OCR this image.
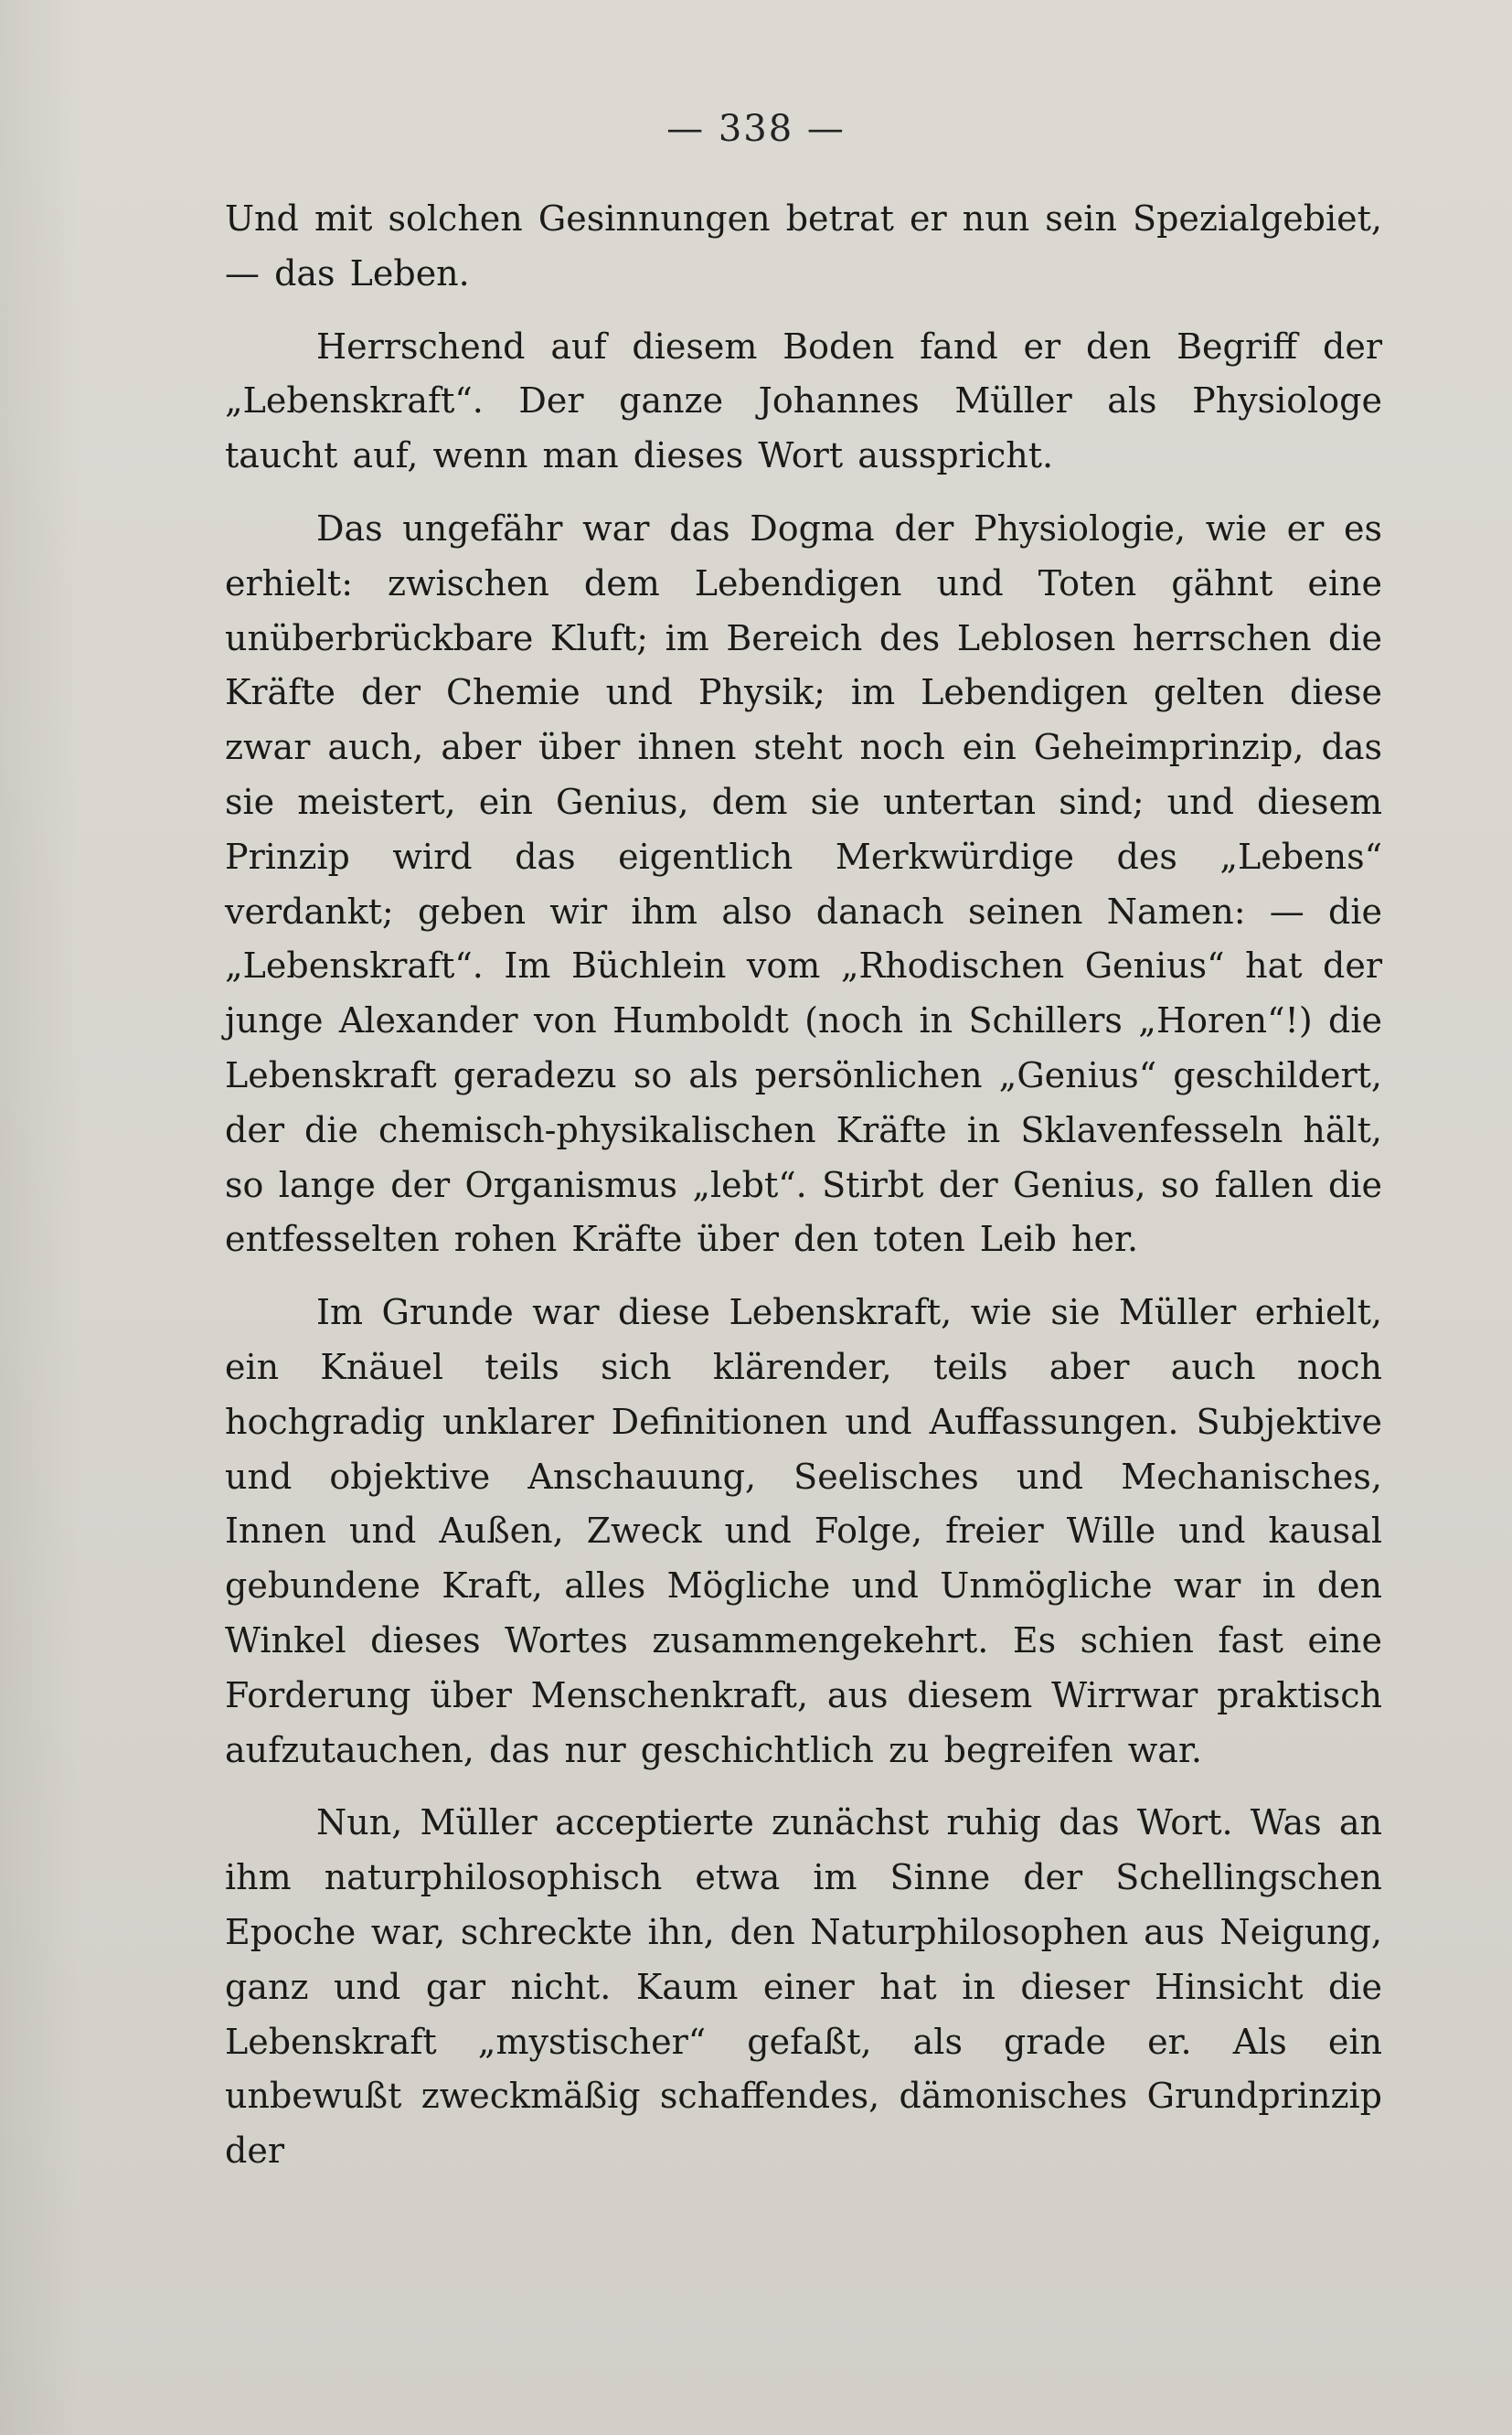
— 338 —

Und mit solchen Gesinnungen betrat er nun sein Spezialgebiet, — das Leben.

Herrschend auf diesem Boden fand er den Begriff der „Lebenskraft“. Der ganze Johannes Müller als Physiologe taucht auf, wenn man dieses Wort ausspricht.

Das ungefähr war das Dogma der Physiologie, wie er es erhielt: zwischen dem Lebendigen und Toten gähnt eine unüberbrückbare Kluft; im Bereich des Leblosen herrschen die Kräfte der Chemie und Physik; im Lebendigen gelten diese zwar auch, aber über ihnen steht noch ein Geheimprinzip, das sie meistert, ein Genius, dem sie untertan sind; und diesem Prinzip wird das eigentlich Merkwürdige des „Lebens“ verdankt; geben wir ihm also danach seinen Namen: — die „Lebenskraft“. Im Büchlein vom „Rhodischen Genius“ hat der junge Alexander von Humboldt (noch in Schillers „Horen“!) die Lebenskraft geradezu so als persönlichen „Genius“ geschildert, der die chemisch-physikalischen Kräfte in Sklavenfesseln hält, so lange der Organismus „lebt“. Stirbt der Genius, so fallen die entfesselten rohen Kräfte über den toten Leib her.

Im Grunde war diese Lebenskraft, wie sie Müller erhielt, ein Knäuel teils sich klärender, teils aber auch noch hochgradig unklarer Definitionen und Auffassungen. Subjektive und objektive Anschauung, Seelisches und Mechanisches, Innen und Außen, Zweck und Folge, freier Wille und kausal gebundene Kraft, alles Mögliche und Unmögliche war in den Winkel dieses Wortes zusammengekehrt. Es schien fast eine Forderung über Menschenkraft, aus diesem Wirrwar praktisch aufzutauchen, das nur geschichtlich zu begreifen war.

Nun, Müller acceptierte zunächst ruhig das Wort. Was an ihm naturphilosophisch etwa im Sinne der Schellingschen Epoche war, schreckte ihn, den Naturphilosophen aus Neigung, ganz und gar nicht. Kaum einer hat in dieser Hinsicht die Lebenskraft „mystischer“ gefaßt, als grade er. Als ein unbewußt zweckmäßig schaffendes, dämonisches Grundprinzip der
